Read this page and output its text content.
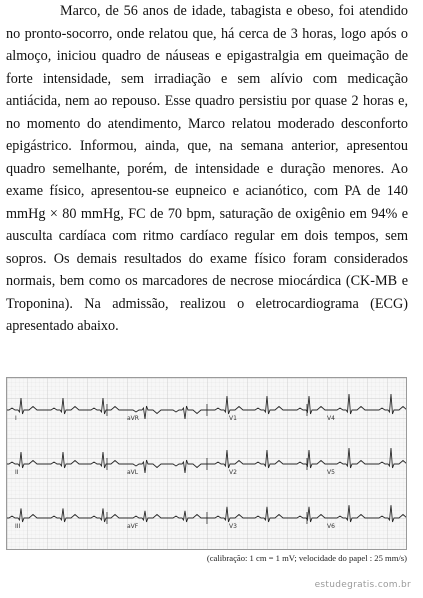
Marco, de 56 anos de idade, tabagista e obeso, foi atendido no pronto-socorro, onde relatou que, há cerca de 3 horas, logo após o almoço, iniciou quadro de náuseas e epigastralgia em queimação de forte intensidade, sem irradiação e sem alívio com medicação antiácida, nem ao repouso. Esse quadro persistiu por quase 2 horas e, no momento do atendimento, Marco relatou moderado desconforto epigástrico. Informou, ainda, que, na semana anterior, apresentou quadro semelhante, porém, de intensidade e duração menores. Ao exame físico, apresentou-se eupneico e acianótico, com PA de 140 mmHg × 80 mmHg, FC de 70 bpm, saturação de oxigênio em 94% e ausculta cardíaca com ritmo cardíaco regular em dois tempos, sem sopros. Os demais resultados do exame físico foram considerados normais, bem como os marcadores de necrose miocárdica (CK-MB e Troponina). Na admissão, realizou o eletrocardiograma (ECG) apresentado abaixo.

I	aVR	V1	V4
II	aVL	V2	V5
III	aVF	V3	V6
(calibração: 1 cm = 1 mV; velocidade do papel : 25 mm/s)
estudegratis.com.br
